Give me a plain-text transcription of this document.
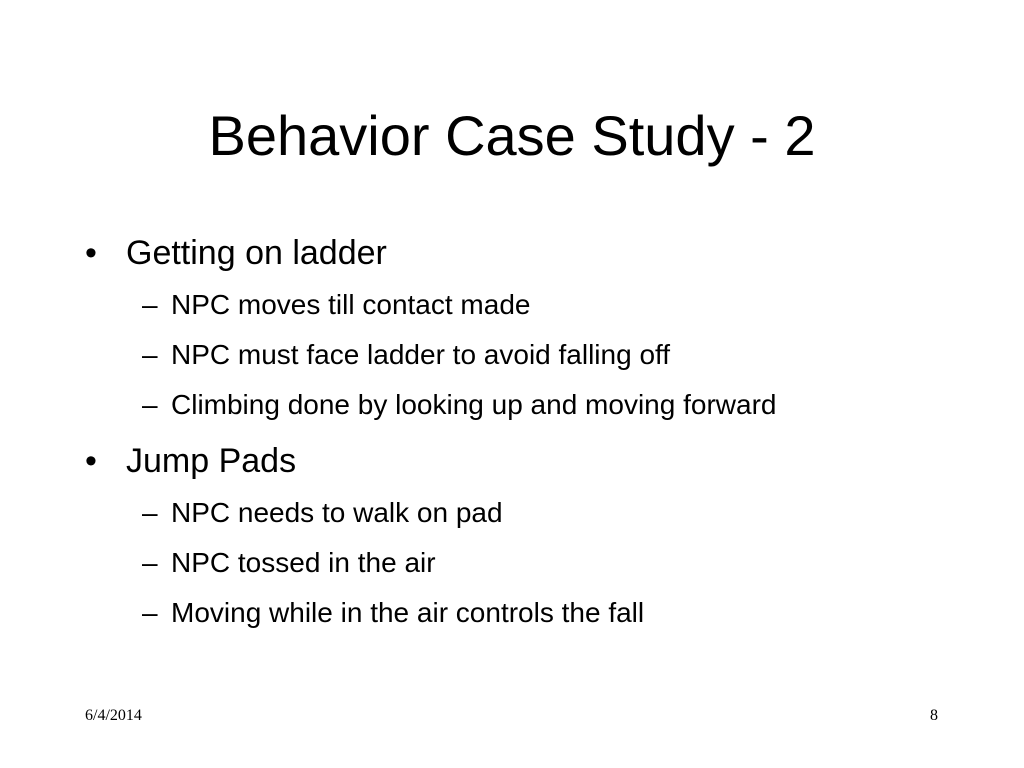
Behavior Case Study - 2
• Getting on ladder
– NPC moves till contact made
– NPC must face ladder to avoid falling off
– Climbing done by looking up and moving forward
• Jump Pads
– NPC needs to walk on pad
– NPC tossed in the air
– Moving while in the air controls the fall
6/4/2014	8
